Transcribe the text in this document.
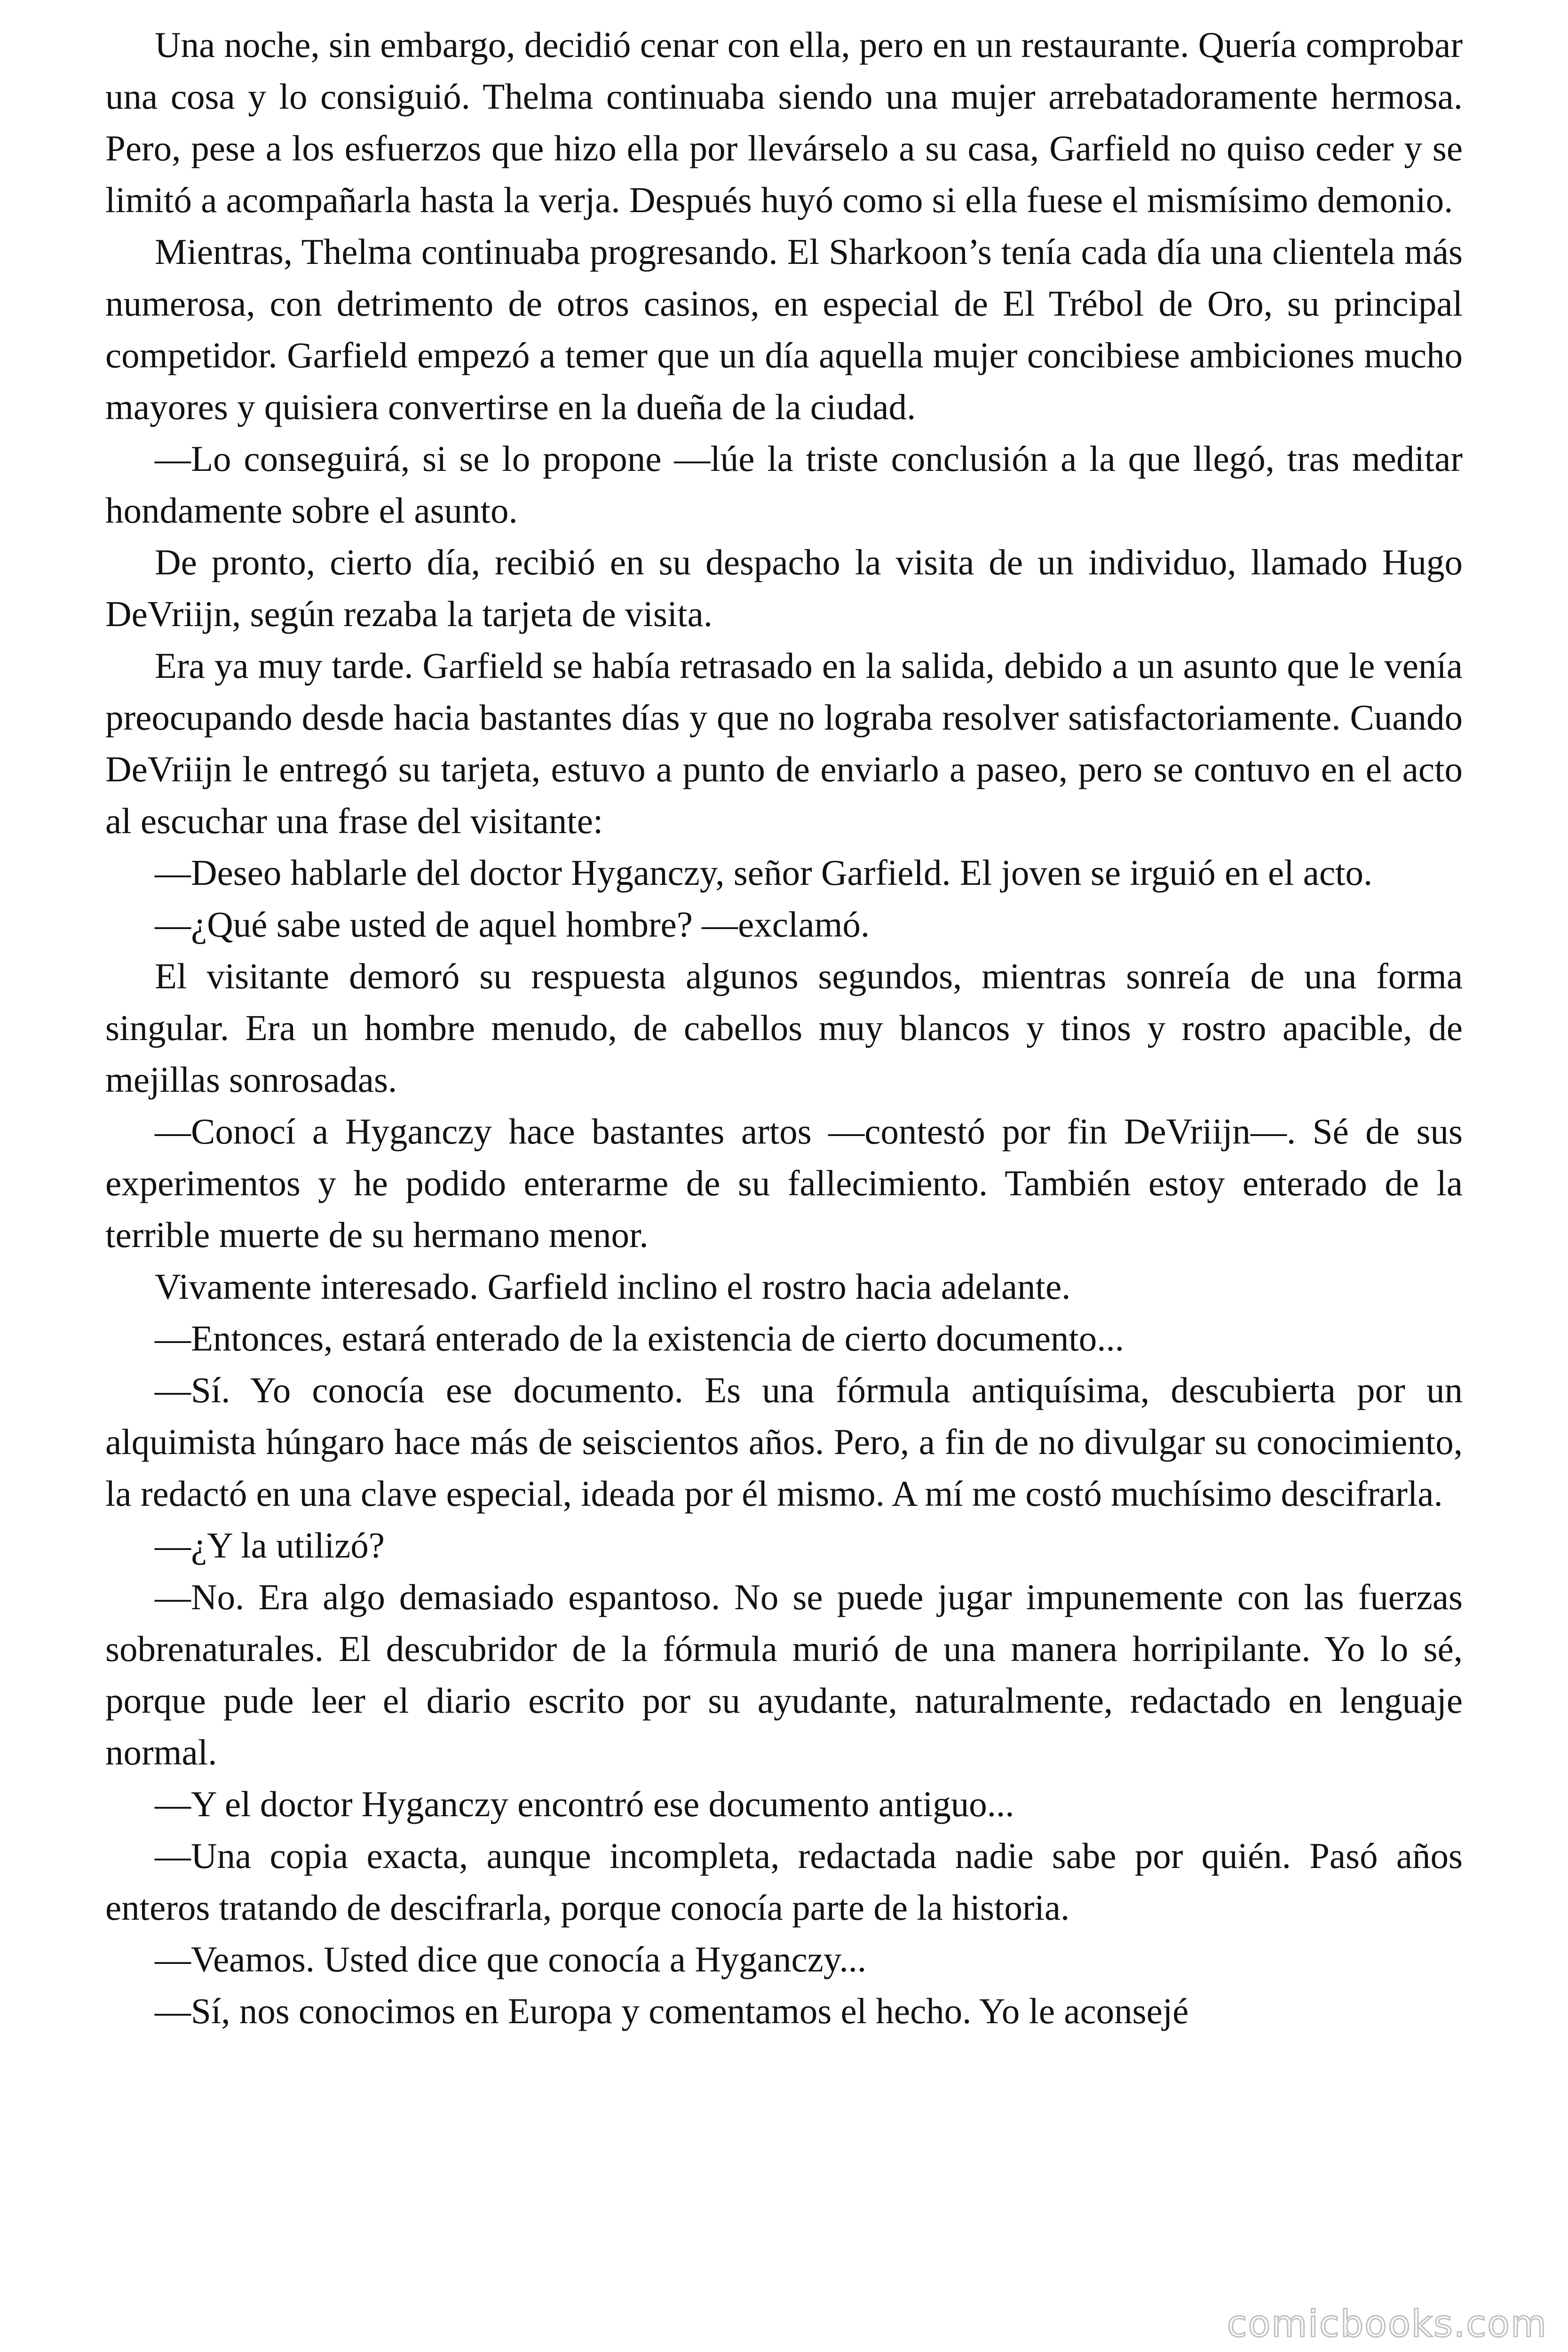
Una noche, sin embargo, decidió cenar con ella, pero en un restaurante. Quería comprobar una cosa y lo consiguió. Thelma continuaba siendo una mujer arrebatadoramente hermosa. Pero, pese a los esfuerzos que hizo ella por llevárselo a su casa, Garfield no quiso ceder y se limitó a acompañarla hasta la verja. Después huyó como si ella fuese el mismísimo demonio.

Mientras, Thelma continuaba progresando. El Sharkoon’s tenía cada día una clientela más numerosa, con detrimento de otros casinos, en especial de El Trébol de Oro, su principal competidor. Garfield empezó a temer que un día aquella mujer concibiese ambiciones mucho mayores y quisiera convertirse en la dueña de la ciudad.

—Lo conseguirá, si se lo propone —lúe la triste conclusión a la que llegó, tras meditar hondamente sobre el asunto.

De pronto, cierto día, recibió en su despacho la visita de un individuo, llamado Hugo DeVriijn, según rezaba la tarjeta de visita.

Era ya muy tarde. Garfield se había retrasado en la salida, debido a un asunto que le venía preocupando desde hacia bastantes días y que no lograba resolver satisfactoriamente. Cuando DeVriijn le entregó su tarjeta, estuvo a punto de enviarlo a paseo, pero se contuvo en el acto al escuchar una frase del visitante:

—Deseo hablarle del doctor Hyganczy, señor Garfield. El joven se irguió en el acto.

—¿Qué sabe usted de aquel hombre? —exclamó.

El visitante demoró su respuesta algunos segundos, mientras sonreía de una forma singular. Era un hombre menudo, de cabellos muy blancos y tinos y rostro apacible, de mejillas sonrosadas.

—Conocí a Hyganczy hace bastantes artos —contestó por fin DeVriijn—. Sé de sus experimentos y he podido enterarme de su fallecimiento. También estoy enterado de la terrible muerte de su hermano menor.

Vivamente interesado. Garfield inclino el rostro hacia adelante.

—Entonces, estará enterado de la existencia de cierto documento...

—Sí. Yo conocía ese documento. Es una fórmula antiquísima, descubierta por un alquimista húngaro hace más de seiscientos años. Pero, a fin de no divulgar su conocimiento, la redactó en una clave especial, ideada por él mismo. A mí me costó muchísimo descifrarla.

—¿Y la utilizó?

—No. Era algo demasiado espantoso. No se puede jugar impunemente con las fuerzas sobrenaturales. El descubridor de la fórmula murió de una manera horripilante. Yo lo sé, porque pude leer el diario escrito por su ayudante, naturalmente, redactado en lenguaje normal.

—Y el doctor Hyganczy encontró ese documento antiguo...

—Una copia exacta, aunque incompleta, redactada nadie sabe por quién. Pasó años enteros tratando de descifrarla, porque conocía parte de la historia.

—Veamos. Usted dice que conocía a Hyganczy...

—Sí, nos conocimos en Europa y comentamos el hecho. Yo le aconsejé

comicbooks.com
